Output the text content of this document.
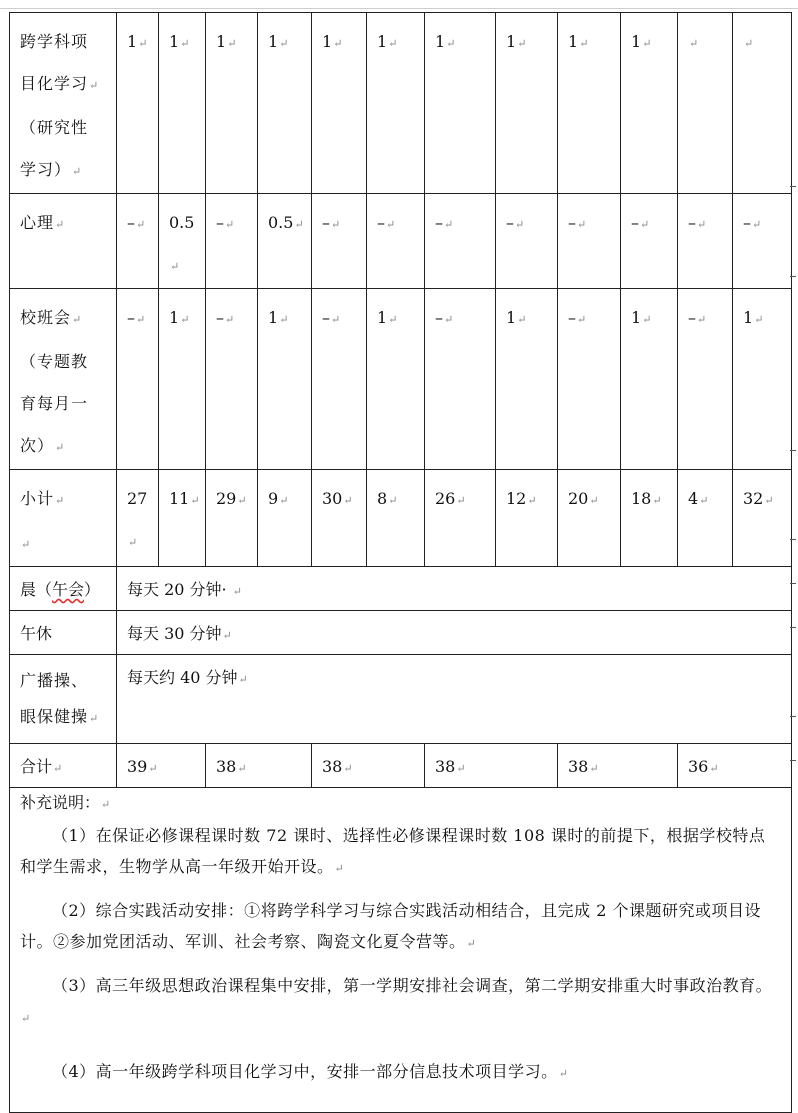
跨学科项
目化学习↵
（研究性
学习）↵	1↵	1↵	1↵	1↵	1↵	1↵	1↵	1↵	1↵	1↵	↵	↵
心理↵	–↵	0.5↵	–↵	0.5↵	–↵	–↵	–↵	–↵	–↵	–↵	–↵	–↵

校班会↵
（专题教
育每月一
次）↵	–↵	1↵	–↵	1↵	–↵	1↵	–↵	1↵	–↵	1↵	–↵	1↵

小计↵
↵	27↵	11↵	29↵	9↵	30↵	8↵	26↵	12↵	20↵	18↵	4↵	32↵
晨（午会）	每天 20 分钟· ↵											
午休	每天 30 分钟↵											

广播操、
眼保健操↵	每天约 40 分钟↵											
合计↵	39↵		38↵		38↵		38↵		38↵		36↵	

补充说明：↵

（1）在保证必修课程课时数 72 课时、选择性必修课程课时数 108 课时的前提下，根据学校特点和学生需求，生物学从高一年级开始开设。↵

（2）综合实践活动安排：①将跨学科学习与综合实践活动相结合，且完成 2 个课题研究或项目设计。②参加党团活动、军训、社会考察、陶瓷文化夏令营等。↵

（3）高三年级思想政治课程集中安排，第一学期安排社会调查，第二学期安排重大时事政治教育。↵

（4）高一年级跨学科项目化学习中，安排一部分信息技术项目学习。↵												
